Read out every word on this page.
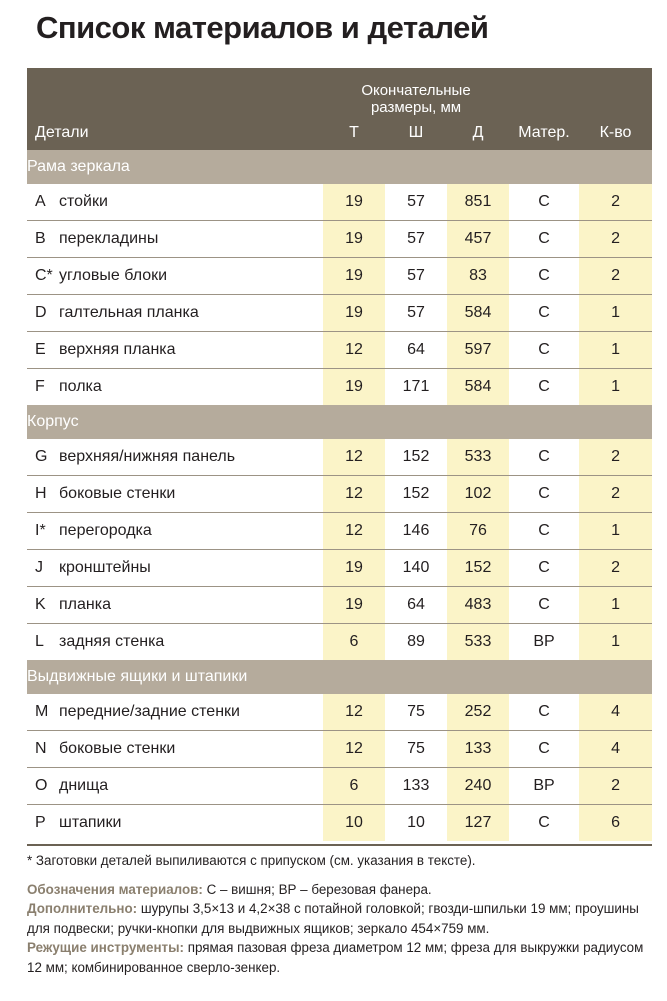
Список материалов и деталей
		Окончательные
размеры, мм				
Детали		Т	Ш	Д	Матер.	К-во
Рама зеркала						
A	стойки	19	57	851	С	2
B	перекладины	19	57	457	С	2
C*	угловые блоки	19	57	83	С	2
D	галтельная планка	19	57	584	С	1
E	верхняя планка	12	64	597	С	1
F	полка	19	171	584	С	1
Корпус						
G	верхняя/нижняя панель	12	152	533	С	2
H	боковые стенки	12	152	102	С	2
I*	перегородка	12	146	76	С	1
J	кронштейны	19	140	152	С	2
K	планка	19	64	483	С	1
L	задняя стенка	6	89	533	ВР	1
Выдвижные ящики и штапики						
M	передние/задние стенки	12	75	252	С	4
N	боковые стенки	12	75	133	С	4
O	днища	6	133	240	ВР	2
P	штапики	10	10	127	С	6

* Заготовки деталей выпиливаются с припуском (см. указания в тексте).

Обозначения материалов: С – вишня; ВР – березовая фанера.

Дополнительно: шурупы 3,5×13 и 4,2×38 с потайной головкой; гвозди-шпильки 19 мм; проушины для подвески; ручки-кнопки для выдвижных ящиков; зеркало 454×759 мм.

Режущие инструменты: прямая пазовая фреза диаметром 12 мм; фреза для выкружки радиусом 12 мм; комбинированное сверло-зенкер.
